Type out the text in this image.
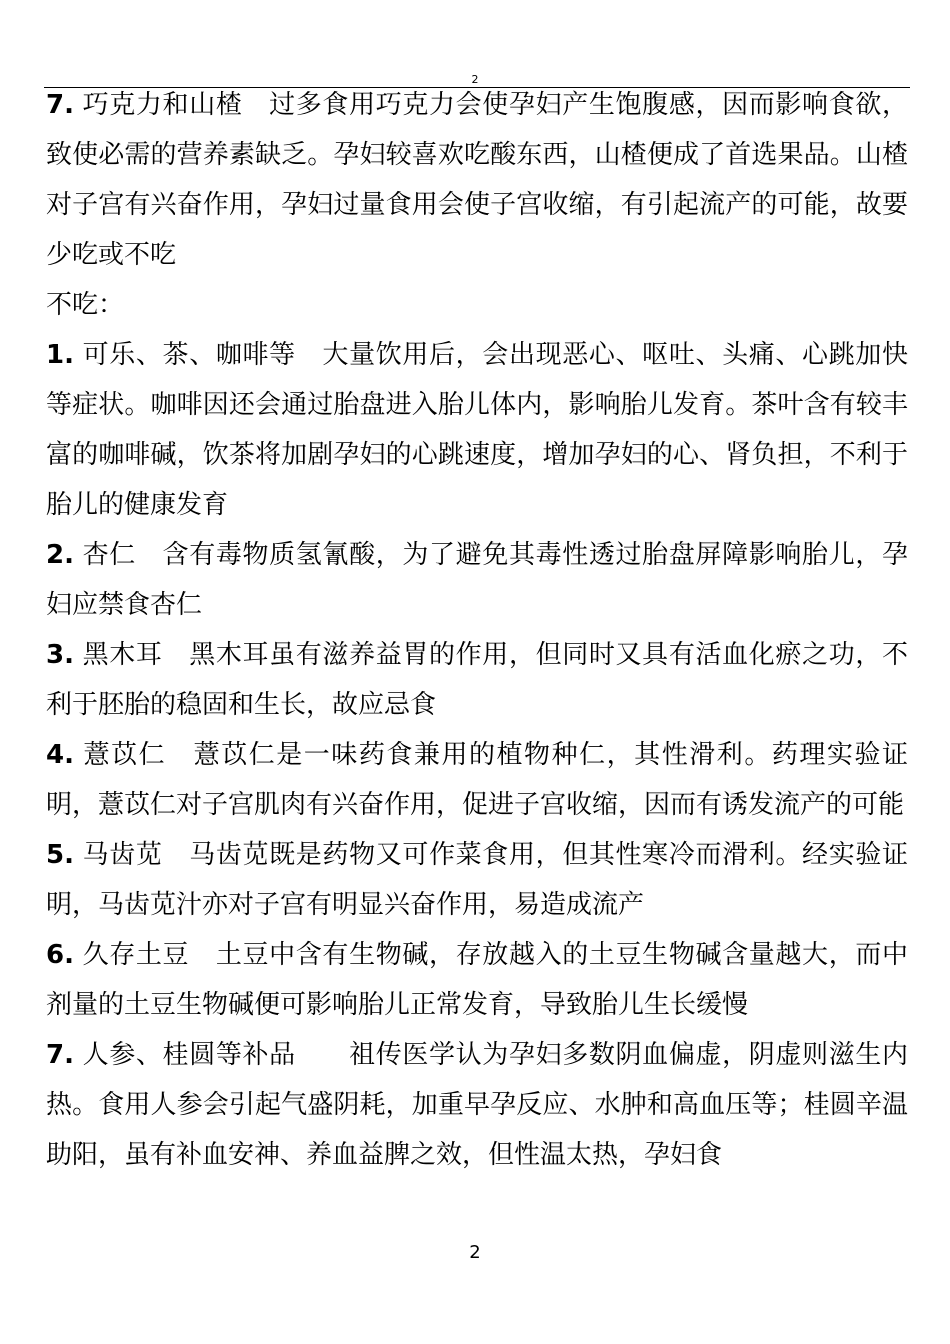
2

7. 巧克力和山楂　过多食用巧克力会使孕妇产生饱腹感，因而影响食欲，致使必需的营养素缺乏。孕妇较喜欢吃酸东西，山楂便成了首选果品。山楂对子宫有兴奋作用，孕妇过量食用会使子宫收缩，有引起流产的可能，故要少吃或不吃

不吃：

1. 可乐、茶、咖啡等　大量饮用后，会出现恶心、呕吐、头痛、心跳加快等症状。咖啡因还会通过胎盘进入胎儿体内，影响胎儿发育。茶叶含有较丰富的咖啡碱，饮茶将加剧孕妇的心跳速度，增加孕妇的心、肾负担，不利于胎儿的健康发育

2. 杏仁　含有毒物质氢氰酸，为了避免其毒性透过胎盘屏障影响胎儿，孕妇应禁食杏仁

3. 黑木耳　黑木耳虽有滋养益胃的作用，但同时又具有活血化瘀之功，不利于胚胎的稳固和生长，故应忌食

4. 薏苡仁　薏苡仁是一味药食兼用的植物种仁，其性滑利。药理实验证明，薏苡仁对子宫肌肉有兴奋作用，促进子宫收缩，因而有诱发流产的可能

5. 马齿苋　马齿苋既是药物又可作菜食用，但其性寒冷而滑利。经实验证明，马齿苋汁亦对子宫有明显兴奋作用，易造成流产

6. 久存土豆　土豆中含有生物碱，存放越入的土豆生物碱含量越大，而中剂量的土豆生物碱便可影响胎儿正常发育，导致胎儿生长缓慢

7. 人参、桂圆等补品　　祖传医学认为孕妇多数阴血偏虚，阴虚则滋生内热。食用人参会引起气盛阴耗，加重早孕反应、水肿和高血压等；桂圆辛温助阳，虽有补血安神、养血益脾之效，但性温太热，孕妇食

2
